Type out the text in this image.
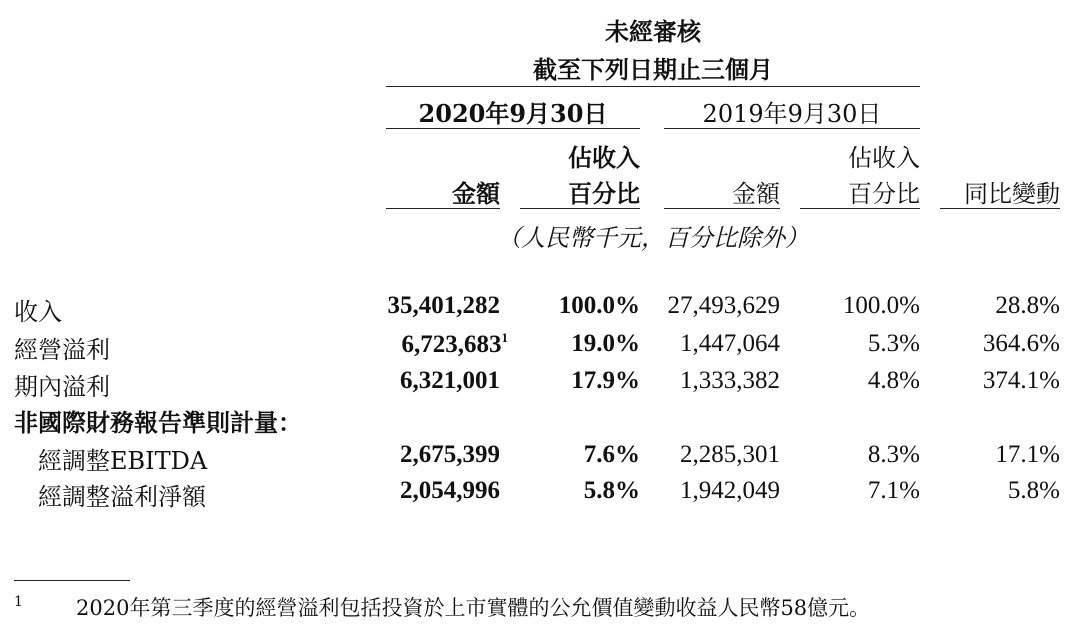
未經審核
截至下列日期止三個月
2020年9月30日	2019年9月30日
佔收入	佔收入
金額	百分比	金額	百分比	同比變動
（人民幣千元，百分比除外）
收入	35,401,282	100.0%	27,493,629	100.0%	28.8%
經營溢利	6,723,683$^1$	19.0%	1,447,064	5.3%	364.6%
期內溢利	6,321,001	17.9%	1,333,382	4.8%	374.1%
非國際財務報告準則計量：
經調整EBITDA	2,675,399	7.6%	2,285,301	8.3%	17.1%
經調整溢利淨額	2,054,996	5.8%	1,942,049	7.1%	5.8%
1	2020年第三季度的經營溢利包括投資於上市實體的公允價值變動收益人民幣58億元。
